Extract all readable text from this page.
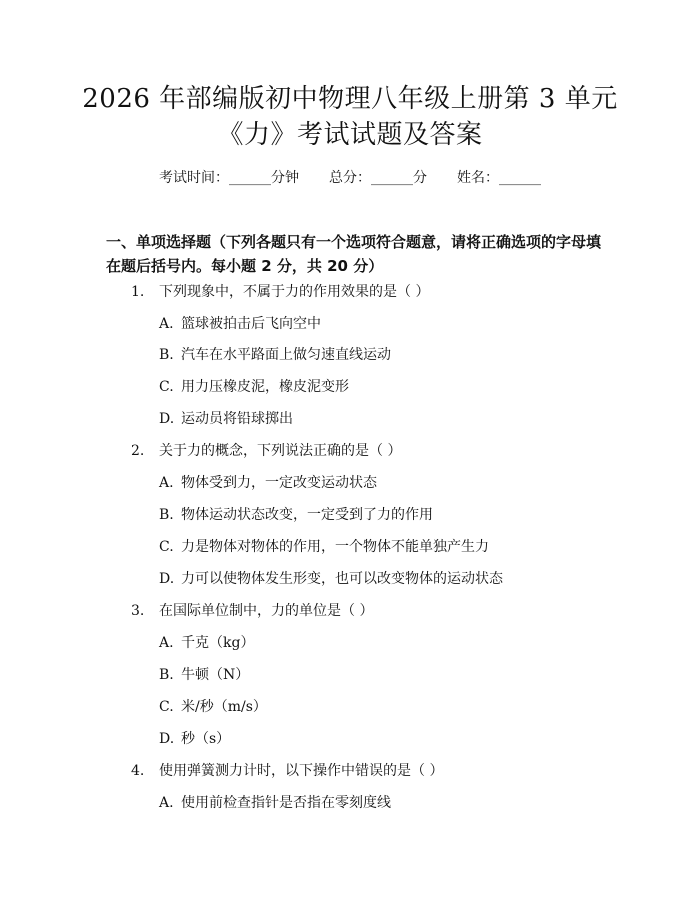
2026 年部编版初中物理八年级上册第 3 单元
《力》考试试题及答案
考试时间：______分钟 总分：______分 姓名：______
一、单项选择题（下列各题只有一个选项符合题意，请将正确选项的字母填在题后括号内。每小题 2 分，共 20 分）
1. 下列现象中，不属于力的作用效果的是（ ）
A. 篮球被拍击后飞向空中
B. 汽车在水平路面上做匀速直线运动
C. 用力压橡皮泥，橡皮泥变形
D. 运动员将铅球掷出
2. 关于力的概念，下列说法正确的是（ ）
A. 物体受到力，一定改变运动状态
B. 物体运动状态改变，一定受到了力的作用
C. 力是物体对物体的作用，一个物体不能单独产生力
D. 力可以使物体发生形变，也可以改变物体的运动状态
3. 在国际单位制中，力的单位是（ ）
A. 千克（kg）
B. 牛顿（N）
C. 米/秒（m/s）
D. 秒（s）
4. 使用弹簧测力计时，以下操作中错误的是（ ）
A. 使用前检查指针是否指在零刻度线
